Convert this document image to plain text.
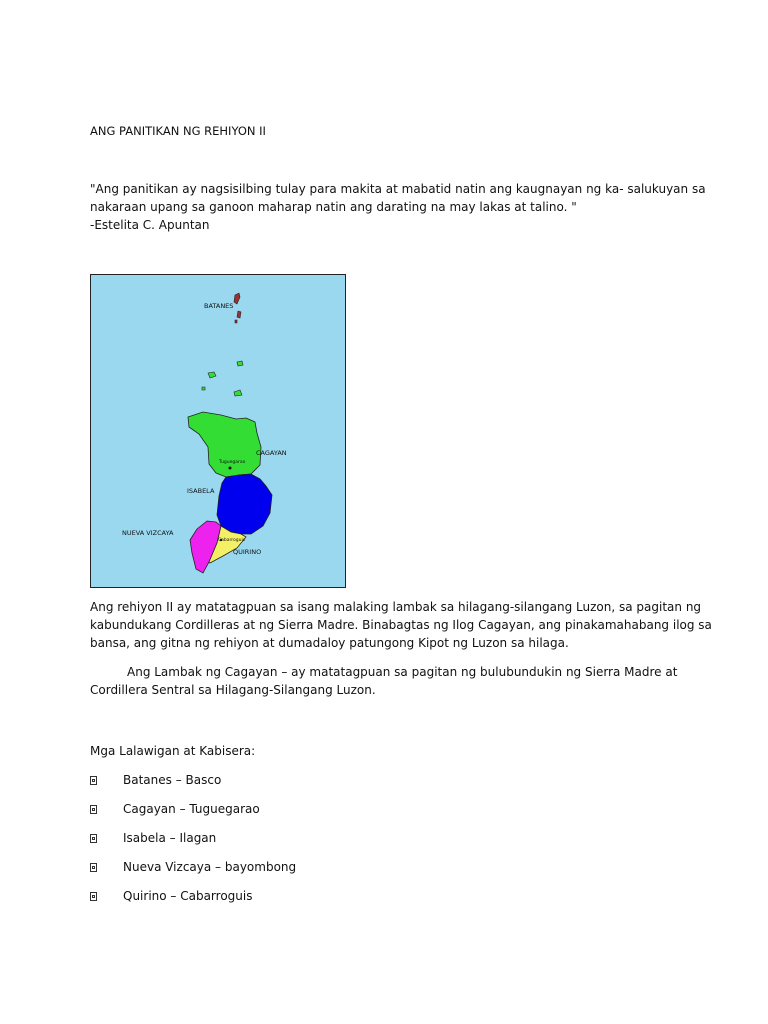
ANG PANITIKAN NG REHIYON II
"Ang panitikan ay nagsisilbing tulay para makita at mabatid natin ang kaugnayan ng ka- salukuyan sa
nakaraan upang sa ganoon maharap natin ang darating na may lakas at talino. "
-Estelita C. Apuntan
BATANES
Tuguegarao
CAGAYAN
ISABELA
NUEVA VIZCAYA
Cabarroguis
QUIRINO
Ang rehiyon II ay matatagpuan sa isang malaking lambak sa hilagang-silangang Luzon, sa pagitan ng
kabundukang Cordilleras at ng Sierra Madre. Binabagtas ng Ilog Cagayan, ang pinakamahabang ilog sa
bansa, ang gitna ng rehiyon at dumadaloy patungong Kipot ng Luzon sa hilaga.
Ang Lambak ng Cagayan – ay matatagpuan sa pagitan ng bulubundukin ng Sierra Madre at
Cordillera Sentral sa Hilagang-Silangang Luzon.
Mga Lalawigan at Kabisera:
Batanes – Basco
Cagayan – Tuguegarao
Isabela – Ilagan
Nueva Vizcaya – bayombong
Quirino – Cabarroguis
